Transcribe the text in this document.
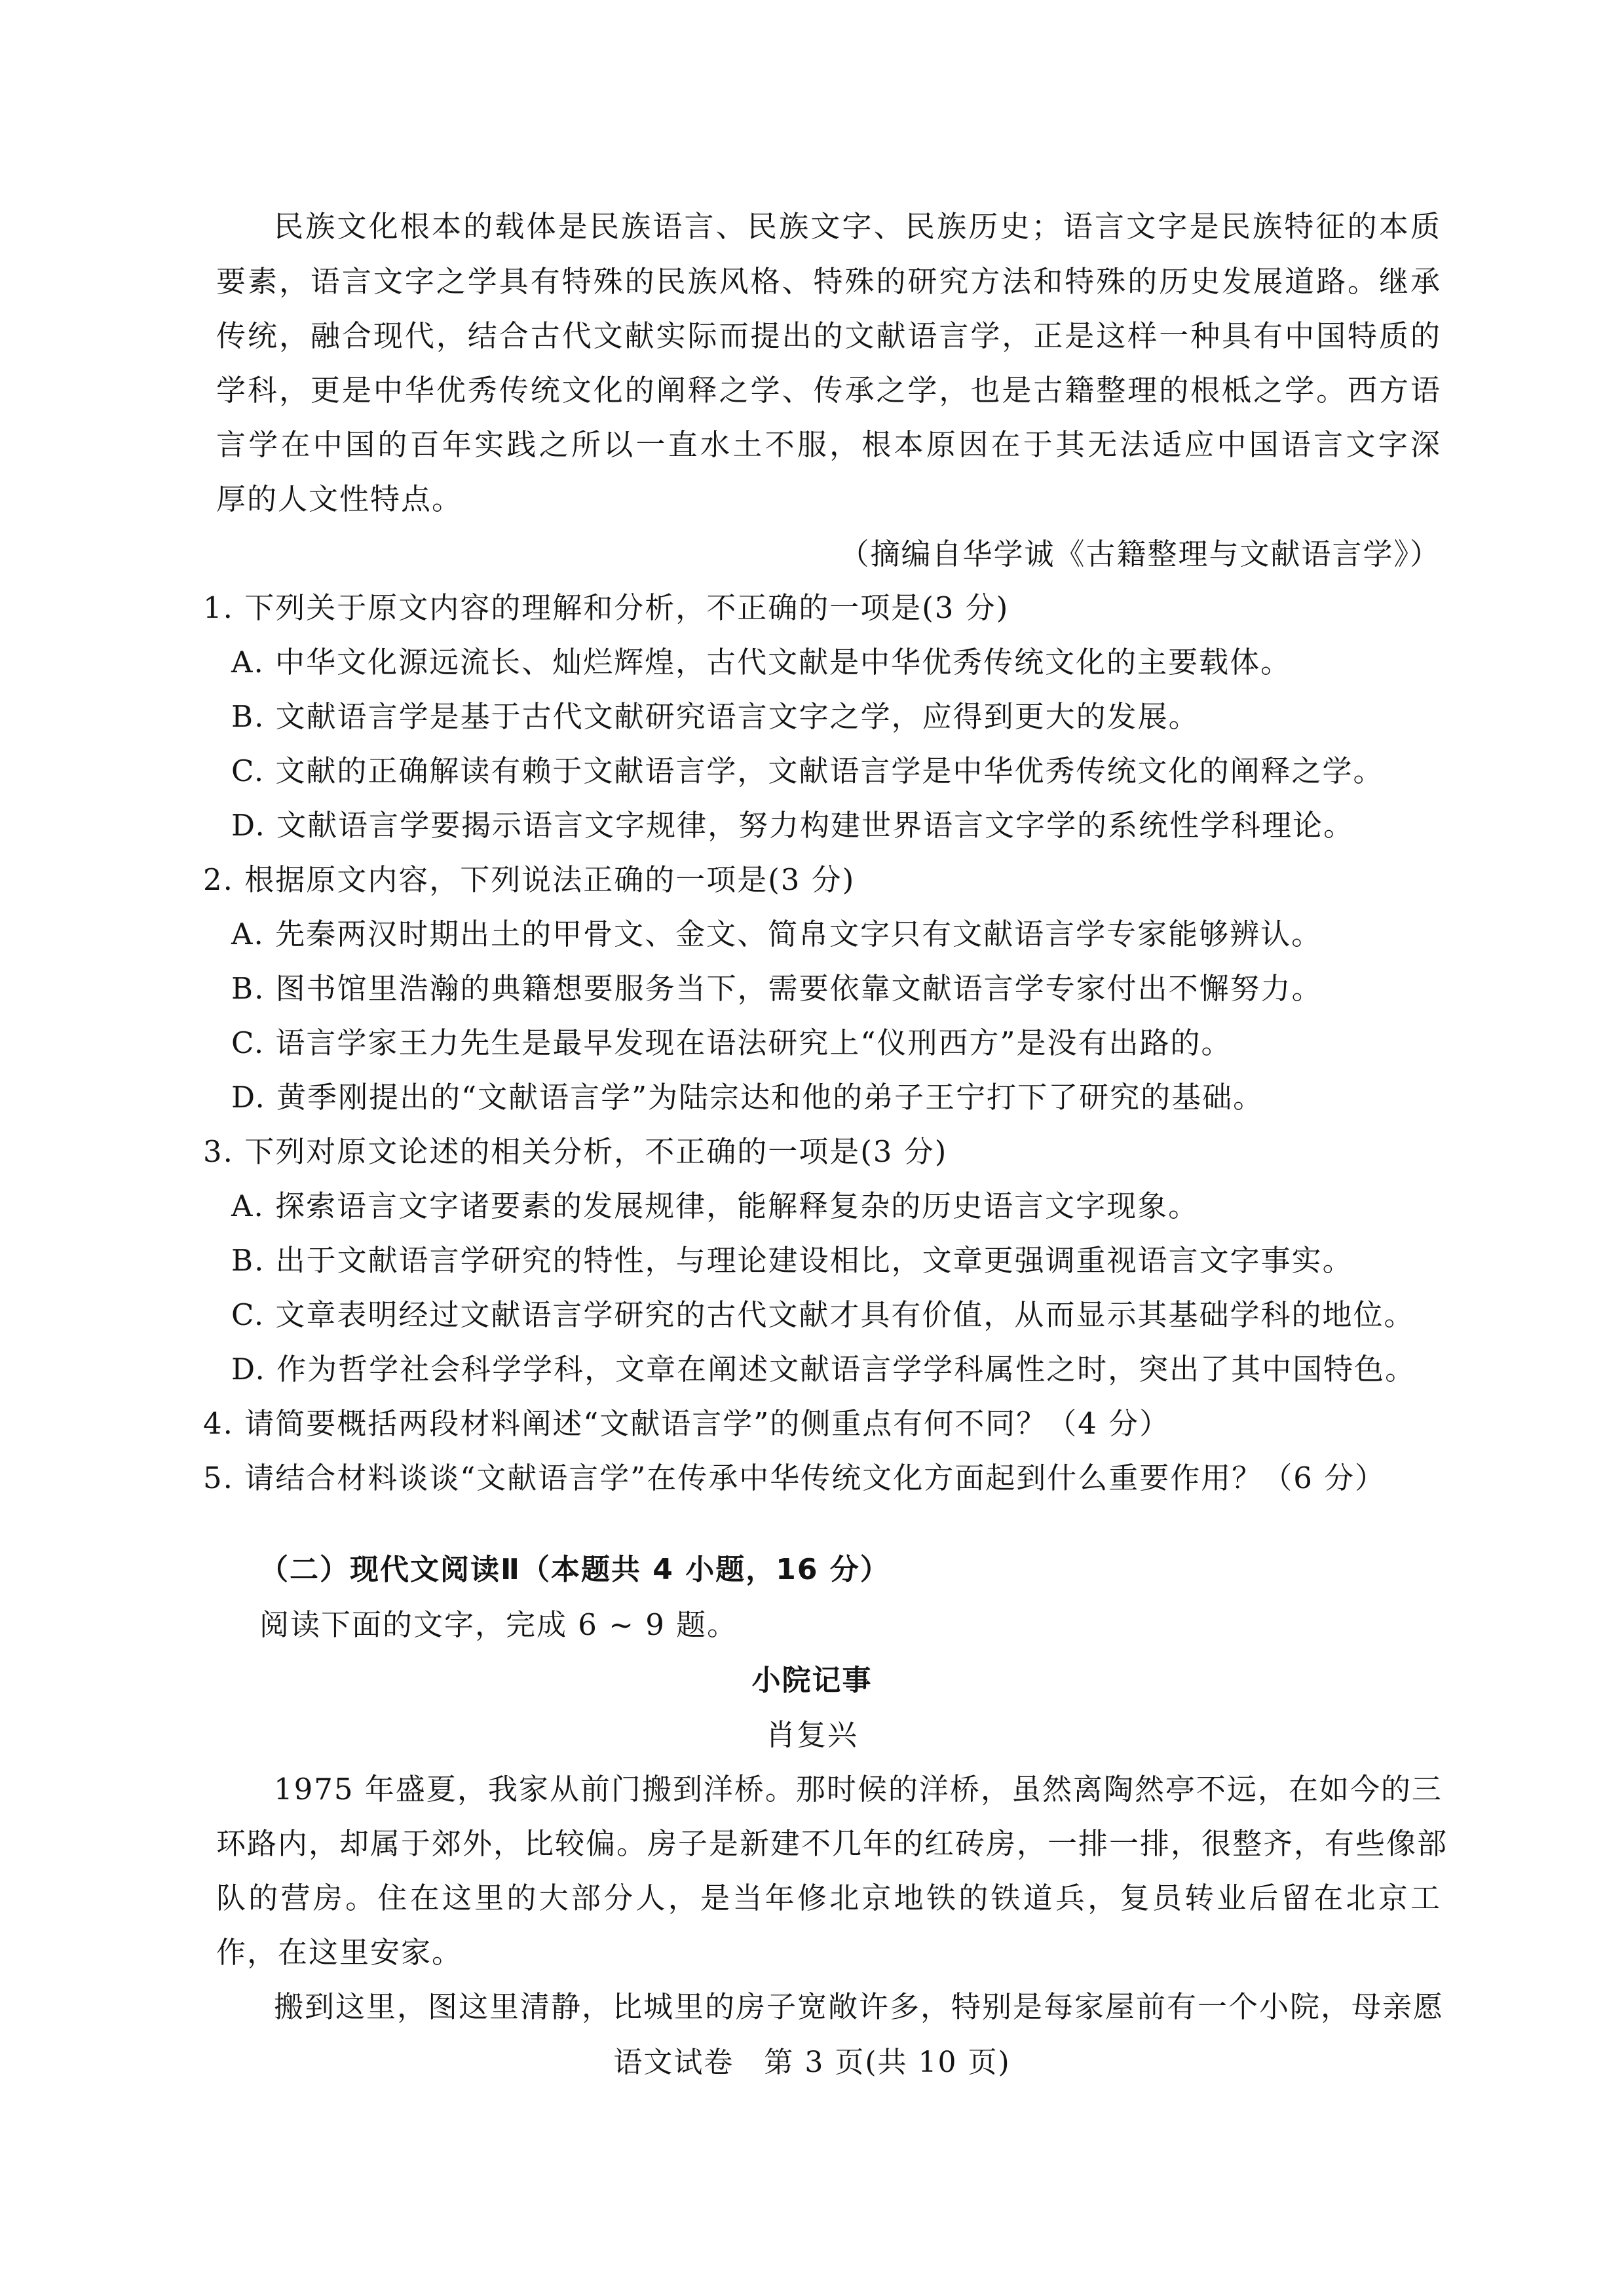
民族文化根本的载体是民族语言、民族文字、民族历史；语言文字是民族特征的本质
要素，语言文字之学具有特殊的民族风格、特殊的研究方法和特殊的历史发展道路。继承
传统，融合现代，结合古代文献实际而提出的文献语言学，正是这样一种具有中国特质的
学科，更是中华优秀传统文化的阐释之学、传承之学，也是古籍整理的根柢之学。西方语
言学在中国的百年实践之所以一直水土不服，根本原因在于其无法适应中国语言文字深
厚的人文性特点。
（摘编自华学诚《古籍整理与文献语言学》）
1. 下列关于原文内容的理解和分析，不正确的一项是(3 分)
A. 中华文化源远流长、灿烂辉煌，古代文献是中华优秀传统文化的主要载体。
B. 文献语言学是基于古代文献研究语言文字之学，应得到更大的发展。
C. 文献的正确解读有赖于文献语言学，文献语言学是中华优秀传统文化的阐释之学。
D. 文献语言学要揭示语言文字规律，努力构建世界语言文字学的系统性学科理论。
2. 根据原文内容，下列说法正确的一项是(3 分)
A. 先秦两汉时期出土的甲骨文、金文、简帛文字只有文献语言学专家能够辨认。
B. 图书馆里浩瀚的典籍想要服务当下，需要依靠文献语言学专家付出不懈努力。
C. 语言学家王力先生是最早发现在语法研究上“仪刑西方”是没有出路的。
D. 黄季刚提出的“文献语言学”为陆宗达和他的弟子王宁打下了研究的基础。
3. 下列对原文论述的相关分析，不正确的一项是(3 分)
A. 探索语言文字诸要素的发展规律，能解释复杂的历史语言文字现象。
B. 出于文献语言学研究的特性，与理论建设相比，文章更强调重视语言文字事实。
C. 文章表明经过文献语言学研究的古代文献才具有价值，从而显示其基础学科的地位。
D. 作为哲学社会科学学科，文章在阐述文献语言学学科属性之时，突出了其中国特色。
4. 请简要概括两段材料阐述“文献语言学”的侧重点有何不同？（4 分）
5. 请结合材料谈谈“文献语言学”在传承中华传统文化方面起到什么重要作用？（6 分）
（二）现代文阅读Ⅱ（本题共 4 小题，16 分）
阅读下面的文字，完成 6 ~ 9 题。
小院记事
肖复兴
1975 年盛夏，我家从前门搬到洋桥。那时候的洋桥，虽然离陶然亭不远，在如今的三
环路内，却属于郊外，比较偏。房子是新建不几年的红砖房，一排一排，很整齐，有些像部
队的营房。住在这里的大部分人，是当年修北京地铁的铁道兵，复员转业后留在北京工
作，在这里安家。
搬到这里，图这里清静，比城里的房子宽敞许多，特别是每家屋前有一个小院，母亲愿
语文试卷　第 3 页(共 10 页)
